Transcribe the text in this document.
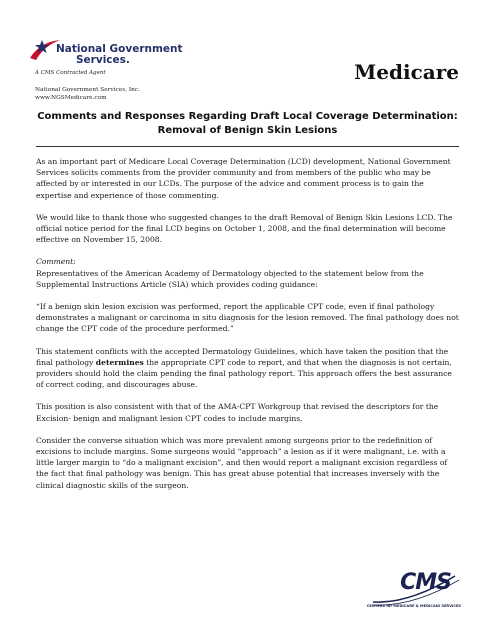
National Government
Services.
A CMS Contracted Agent
National Government Services, Inc.
www.NGSMedicare.com
Medicare
Comments and Responses Regarding Draft Local Coverage Determination:
Removal of Benign Skin Lesions

As an important part of Medicare Local Coverage Determination (LCD) development, National Government Services solicits comments from the provider community and from members of the public who may be affected by or interested in our LCDs. The purpose of the advice and comment process is to gain the expertise and experience of those commenting.

We would like to thank those who suggested changes to the draft Removal of Benign Skin Lesions LCD. The official notice period for the final LCD begins on October 1, 2008, and the final determination will become effective on November 15, 2008.

Comment:

Representatives of the American Academy of Dermatology objected to the statement below from the Supplemental Instructions Article (SIA) which provides coding guidance:

“If a benign skin lesion excision was performed, report the applicable CPT code, even if final pathology demonstrates a malignant or carcinoma in situ diagnosis for the lesion removed. The final pathology does not change the CPT code of the procedure performed.”

This statement conflicts with the accepted Dermatology Guidelines, which have taken the position that the final pathology determines the appropriate CPT code to report, and that when the diagnosis is not certain, providers should hold the claim pending the final pathology report. This approach offers the best assurance of correct coding, and discourages abuse.

This position is also consistent with that of the AMA-CPT Workgroup that revised the descriptors for the Excision- benign and malignant lesion CPT codes to include margins.

Consider the converse situation which was more prevalent among surgeons prior to the redefinition of excisions to include margins. Some surgeons would “approach” a lesion as if it were malignant, i.e. with a little larger margin to “do a malignant excision”, and then would report a malignant excision regardless of the fact that final pathology was benign. This has great abuse potential that increases inversely with the clinical diagnostic skills of the surgeon.

CMS
CENTERS for MEDICARE & MEDICAID SERVICES
